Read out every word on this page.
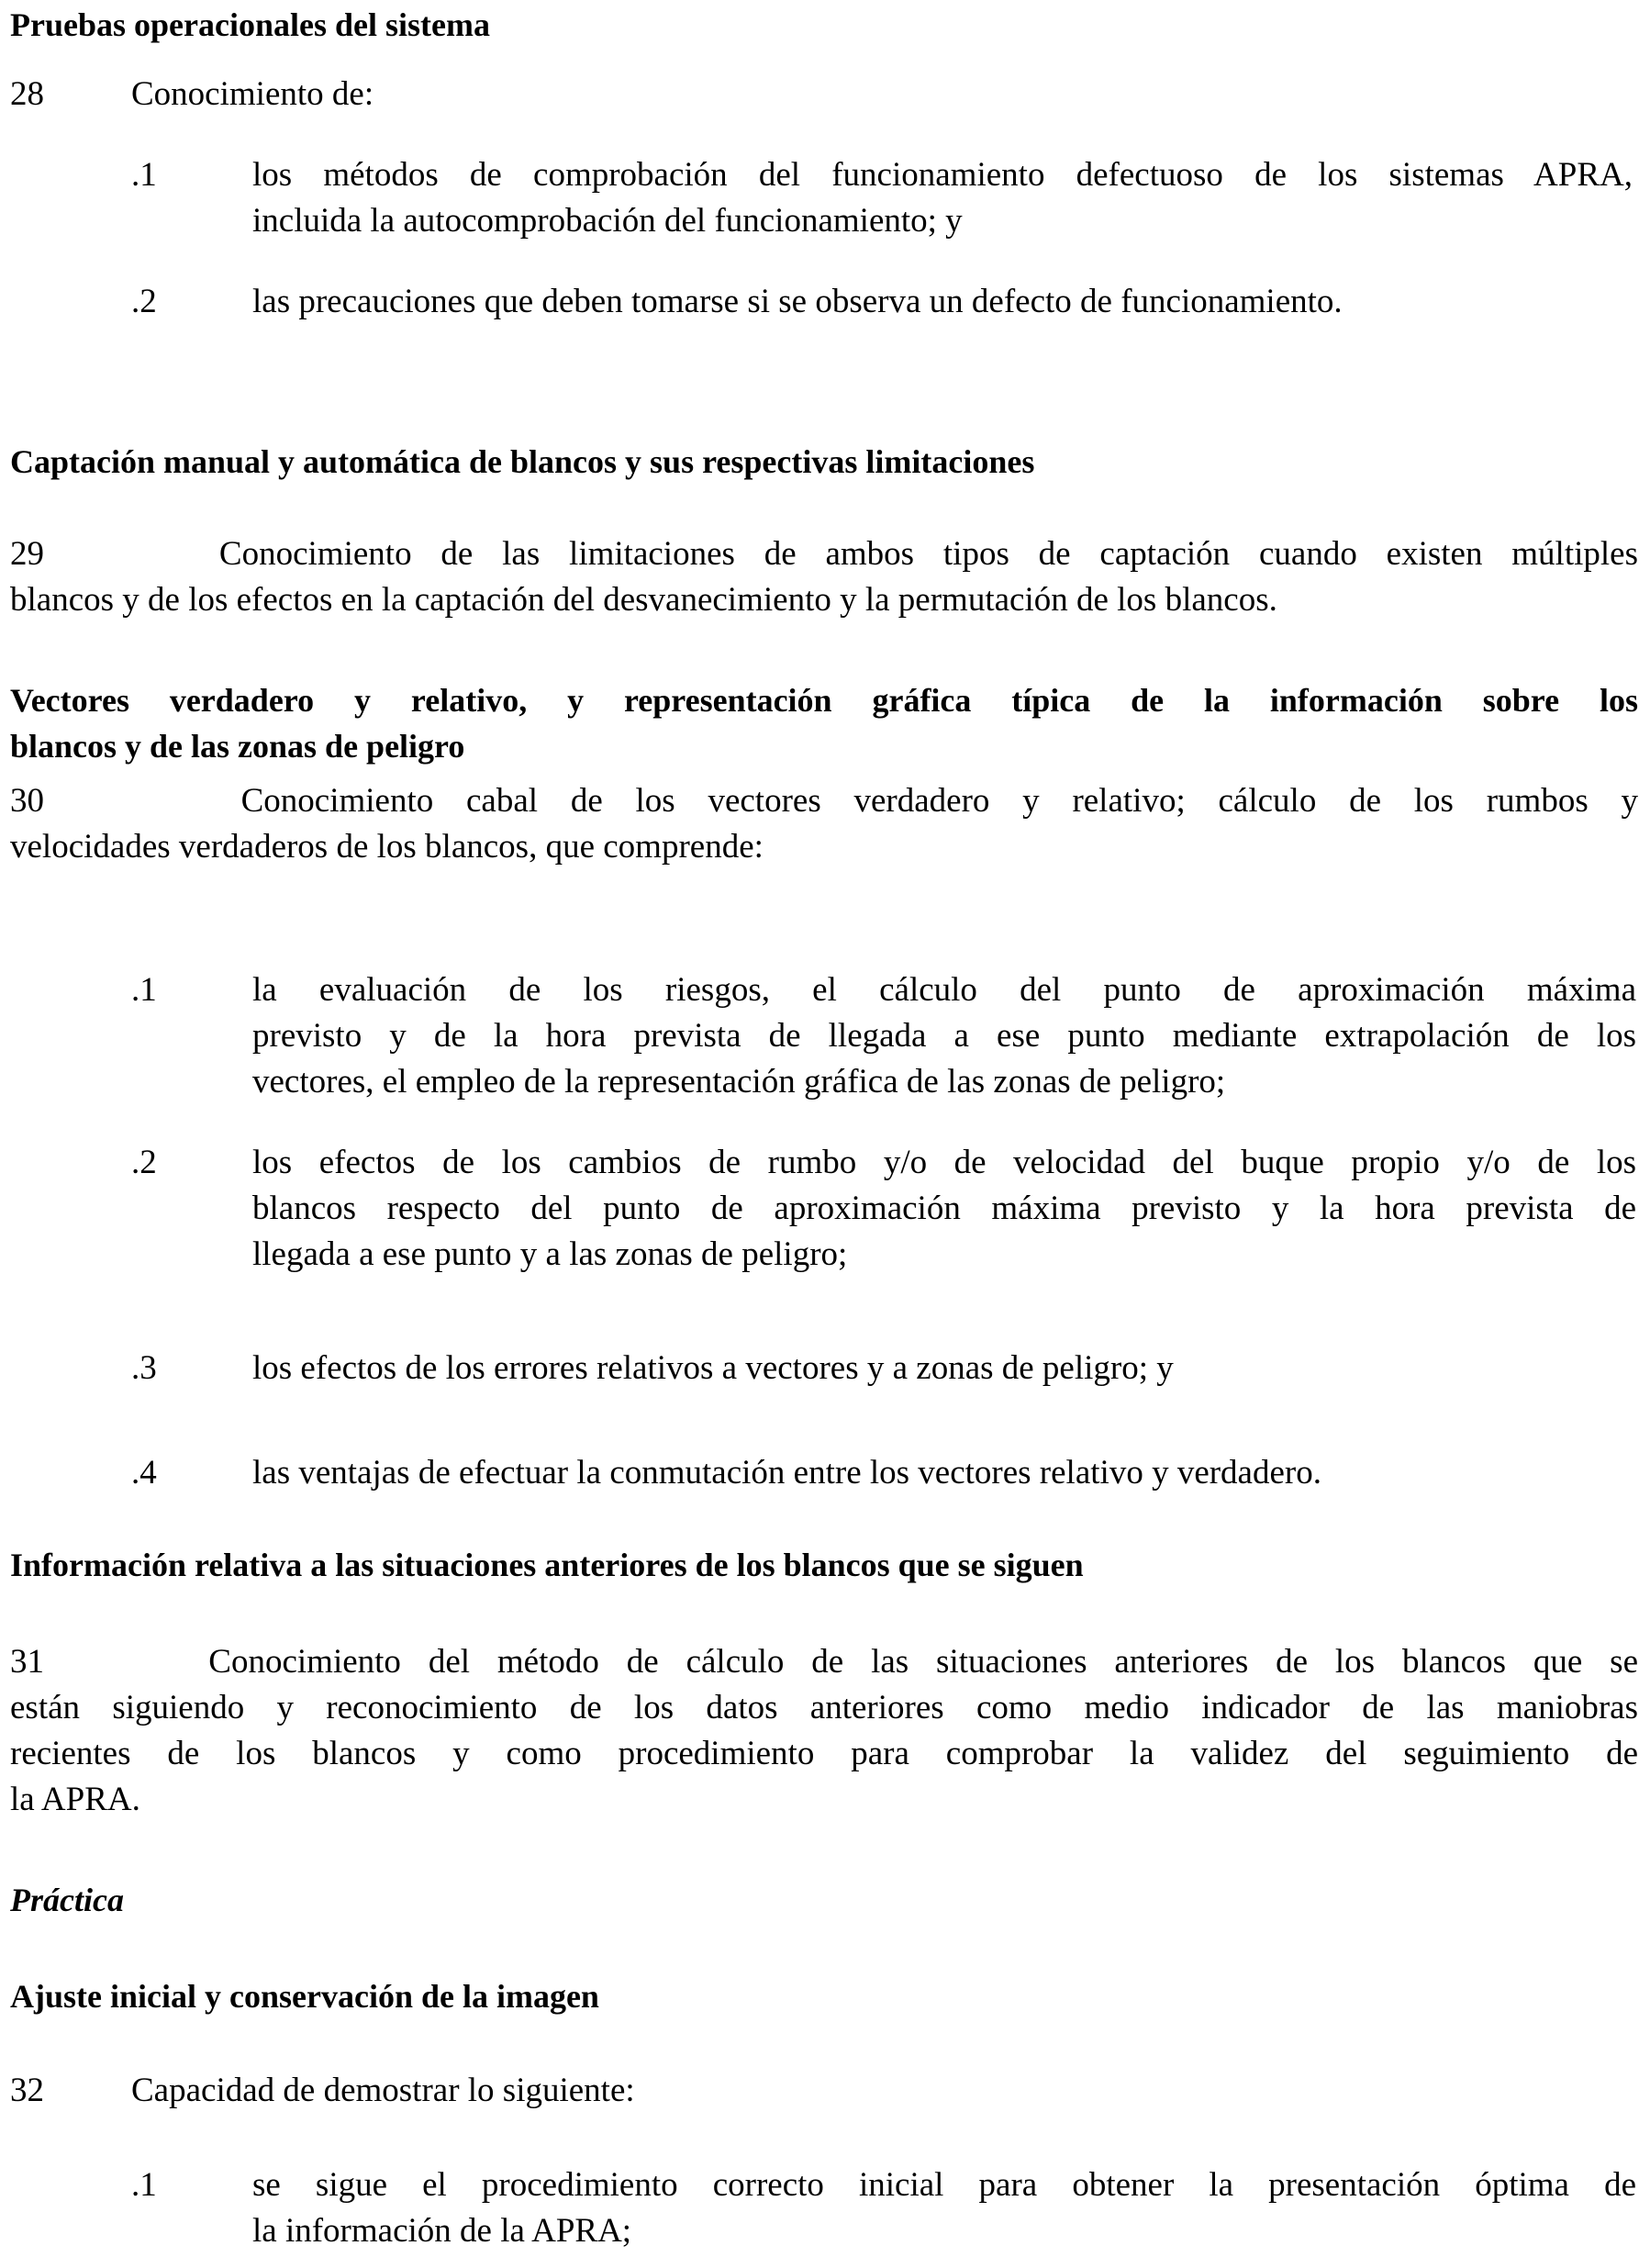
Pruebas operacionales del sistema
28	Conocimiento de:
.1	los métodos de comprobación del funcionamiento defectuoso de los sistemas APRA,
incluida la autocomprobación del funcionamiento; y
.2	las precauciones que deben tomarse si se observa un defecto de funcionamiento.
Captación manual y automática de blancos y sus respectivas limitaciones
29      Conocimiento de las limitaciones de ambos tipos de captación cuando existen múltiples
blancos y de los efectos en la captación del desvanecimiento y la permutación de los blancos.
Vectores verdadero y relativo, y representación gráfica típica de la información sobre los
blancos y de las zonas de peligro
30      Conocimiento cabal de los vectores verdadero y relativo; cálculo de los rumbos y
velocidades verdaderos de los blancos, que comprende:
.1	la evaluación de los riesgos, el cálculo del punto de aproximación máxima
previsto y de la hora prevista de llegada a ese punto mediante extrapolación de los
vectores, el empleo de la representación gráfica de las zonas de peligro;
.2	los efectos de los cambios de rumbo y/o de velocidad del buque propio y/o de los
blancos respecto del punto de aproximación máxima previsto y la hora prevista de
llegada a ese punto y a las zonas de peligro;
.3	los efectos de los errores relativos a vectores y a zonas de peligro; y
.4	las ventajas de efectuar la conmutación entre los vectores relativo y verdadero.
Información relativa a las situaciones anteriores de los blancos que se siguen
31      Conocimiento del método de cálculo de las situaciones anteriores de los blancos que se
están siguiendo y reconocimiento de los datos anteriores como medio indicador de las maniobras
recientes de los blancos y como procedimiento para comprobar la validez del seguimiento de
la APRA.
Práctica
Ajuste inicial y conservación de la imagen
32	Capacidad de demostrar lo siguiente:
.1	se sigue el procedimiento correcto inicial para obtener la presentación óptima de
la información de la APRA;
